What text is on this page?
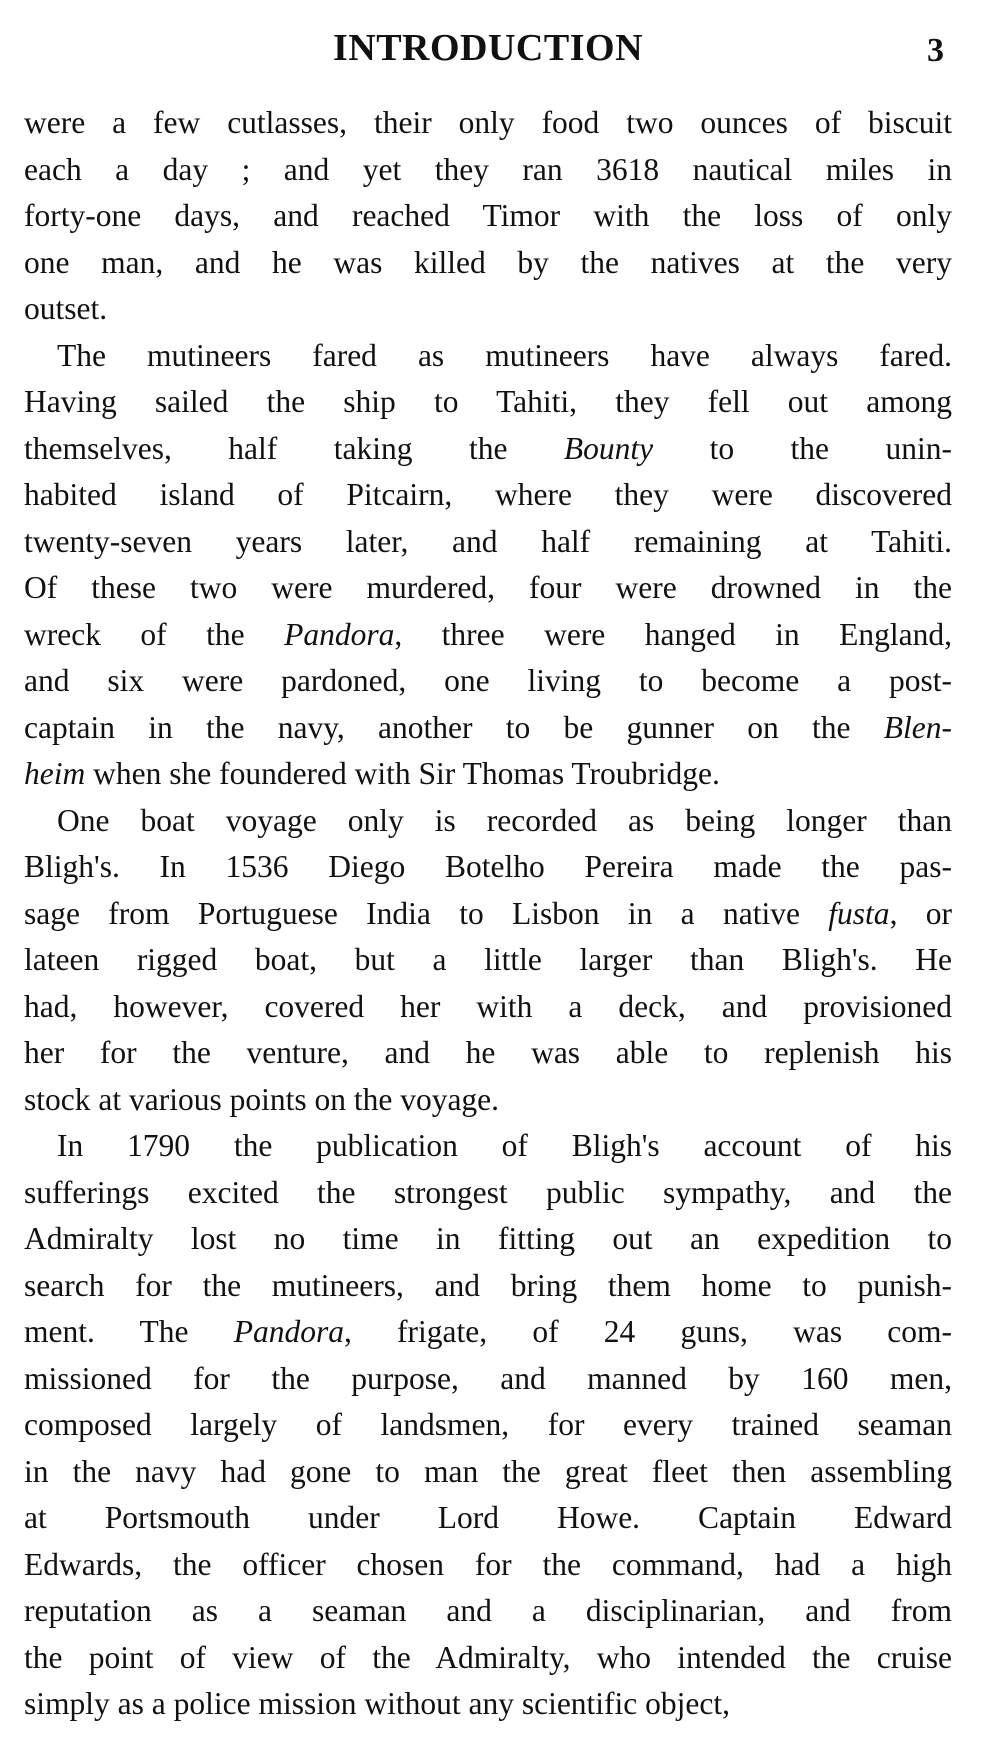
INTRODUCTION	3

were a few cutlasses, their only food two ounces of biscuit
each a day ; and yet they ran 3618 nautical miles in
forty-one days, and reached Timor with the loss of only
one man, and he was killed by the natives at the very
outset.

The mutineers fared as mutineers have always fared.
Having sailed the ship to Tahiti, they fell out among
themselves, half taking the Bounty to the unin-
habited island of Pitcairn, where they were discovered
twenty-seven years later, and half remaining at Tahiti.
Of these two were murdered, four were drowned in the
wreck of the Pandora, three were hanged in England,
and six were pardoned, one living to become a post-
captain in the navy, another to be gunner on the Blen-
heim when she foundered with Sir Thomas Troubridge.

One boat voyage only is recorded as being longer than
Bligh's. In 1536 Diego Botelho Pereira made the pas-
sage from Portuguese India to Lisbon in a native fusta, or
lateen rigged boat, but a little larger than Bligh's. He
had, however, covered her with a deck, and provisioned
her for the venture, and he was able to replenish his
stock at various points on the voyage.

In 1790 the publication of Bligh's account of his
sufferings excited the strongest public sympathy, and the
Admiralty lost no time in fitting out an expedition to
search for the mutineers, and bring them home to punish-
ment. The Pandora, frigate, of 24 guns, was com-
missioned for the purpose, and manned by 160 men,
composed largely of landsmen, for every trained seaman
in the navy had gone to man the great fleet then assembling
at Portsmouth under Lord Howe. Captain Edward
Edwards, the officer chosen for the command, had a high
reputation as a seaman and a disciplinarian, and from
the point of view of the Admiralty, who intended the cruise
simply as a police mission without any scientific object,
